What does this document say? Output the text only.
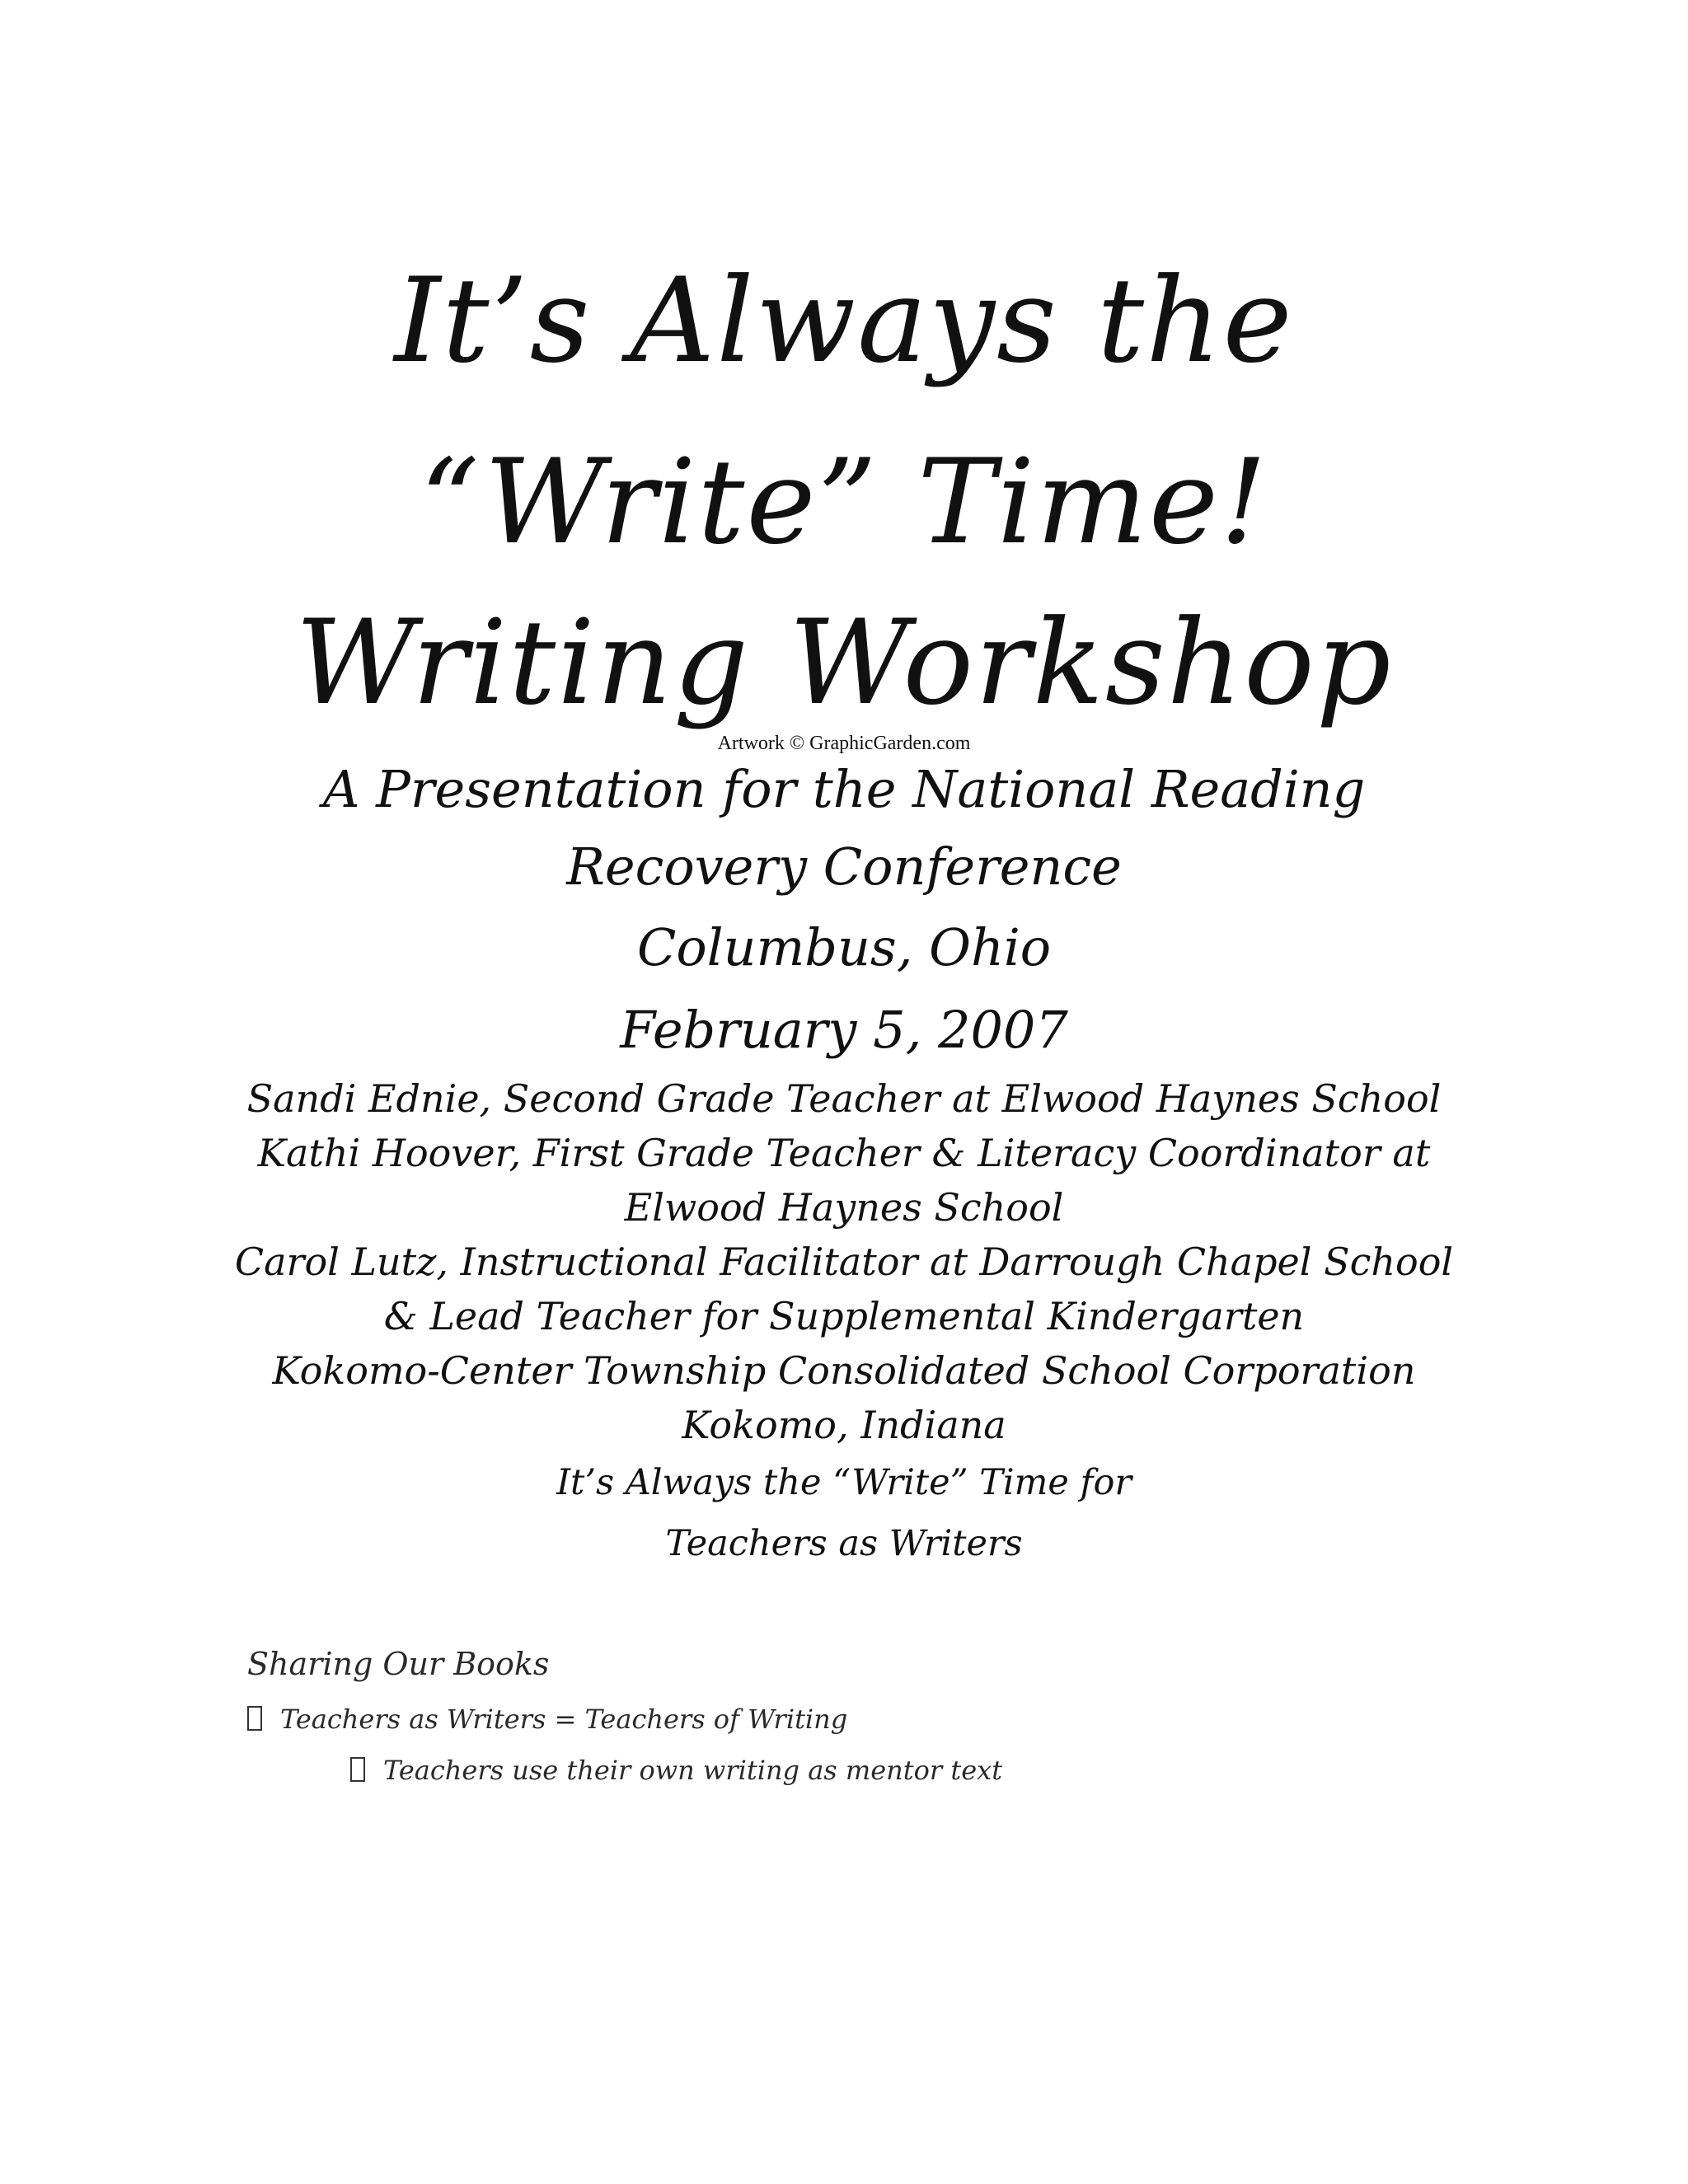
It’s Always the
“Write” Time!
Writing Workshop
Artwork © GraphicGarden.com
A Presentation for the National Reading
Recovery Conference
Columbus, Ohio
February 5, 2007
Sandi Ednie, Second Grade Teacher at Elwood Haynes School
Kathi Hoover, First Grade Teacher & Literacy Coordinator at
Elwood Haynes School
Carol Lutz, Instructional Facilitator at Darrough Chapel School
& Lead Teacher for Supplemental Kindergarten
Kokomo-Center Township Consolidated School Corporation
Kokomo, Indiana
It’s Always the “Write” Time for
Teachers as Writers
Sharing Our Books
Teachers as Writers = Teachers of Writing
Teachers use their own writing as mentor text
